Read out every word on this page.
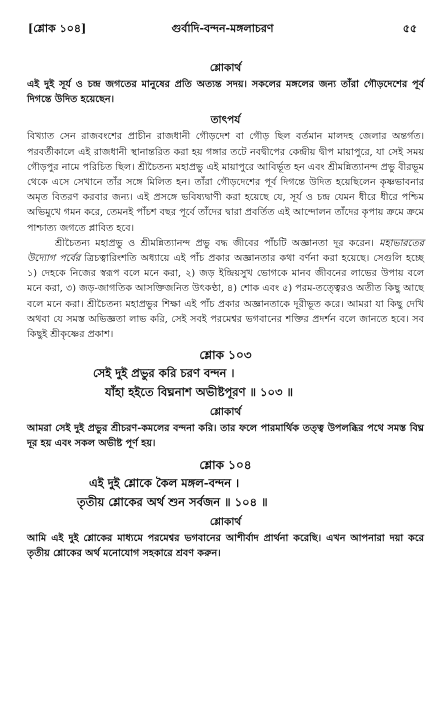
[শ্লোক ১০৪]	গুর্বাদি-বন্দন-মঙ্গলাচরণ	৫৫
শ্লোকার্থ

এই দুই সূর্য ও চন্দ্র জগতের মানুষের প্রতি অত্যন্ত সদয়। সকলের মঙ্গলের জন্য তাঁরা গৌড়দেশের পূর্ব দিগন্তে উদিত হয়েছেন।

তাৎপর্য

বিখ্যাত সেন রাজবংশের প্রাচীন রাজধানী গৌড়দেশ বা গৌড় ছিল বর্তমান মালদহ জেলার অন্তর্গত। পরবর্তীকালে এই রাজধানী স্থানান্তরিত করা হয় গঙ্গার তটে নবদ্বীপের কেন্দ্রীয় দ্বীপ মায়াপুরে, যা সেই সময় গৌড়পুর নামে পরিচিত ছিল। শ্রীচৈতন্য মহাপ্রভু এই মায়াপুরে আবির্ভূত হন এবং শ্রীমন্নিত্যানন্দ প্রভু বীরভূম থেকে এসে সেখানে তাঁর সঙ্গে মিলিত হন। তাঁরা গৌড়দেশের পূর্ব দিগন্তে উদিত হয়েছিলেন কৃষ্ণভাবনার অমৃত বিতরণ করবার জন্য। এই প্রসঙ্গে ভবিষ্যদ্বাণী করা হয়েছে যে, সূর্য ও চন্দ্র যেমন ধীরে ধীরে পশ্চিম অভিমুখে গমন করে, তেমনই পাঁচশ বছর পূর্বে তাঁদের দ্বারা প্রবর্তিত এই আন্দোলন তাঁদের কৃপায় ক্রমে ক্রমে পাশ্চাত্য জগতে প্লাবিত হবে।

শ্রীচৈতন্য মহাপ্রভু ও শ্রীমন্নিত্যানন্দ প্রভু বদ্ধ জীবের পাঁচটি অজ্ঞানতা দূর করেন। মহাভারতের উদ্যোগ পর্বের ত্রিচত্বারিংশতি অধ্যায়ে এই পাঁচ প্রকার অজ্ঞানতার কথা বর্ণনা করা হয়েছে। সেগুলি হচ্ছে ১) দেহকে নিজের স্বরূপ বলে মনে করা, ২) জড় ইন্দ্রিয়সুখ ভোগকে মানব জীবনের লাভের উপায় বলে মনে করা, ৩) জড়-জাগতিক আসক্তিজনিত উৎকণ্ঠা, ৪) শোক এবং ৫) পরম-তত্ত্বেরও অতীত কিছু আছে বলে মনে করা। শ্রীচৈতন্য মহাপ্রভুর শিক্ষা এই পাঁচ প্রকার অজ্ঞানতাকে দূরীভূত করে। আমরা যা কিছু দেখি অথবা যে সমস্ত অভিজ্ঞতা লাভ করি, সেই সবই পরমেশ্বর ভগবানের শক্তির প্রদর্শন বলে জানতে হবে। সব কিছুই শ্রীকৃষ্ণের প্রকাশ।

শ্লোক ১০৩

সেই দুই প্রভুর করি চরণ বন্দন ।

যাঁহা হইতে বিঘ্ননাশ অভীষ্টপূরণ ॥ ১০৩ ॥

শ্লোকার্থ

আমরা সেই দুই প্রভুর শ্রীচরণ-কমলের বন্দনা করি। তার ফলে পারমার্থিক তত্ত্ব উপলব্ধির পথে সমস্ত বিঘ্ন দূর হয় এবং সকল অভীষ্ট পূর্ণ হয়।

শ্লোক ১০৪

এই দুই শ্লোকে কৈল মঙ্গল-বন্দন ।

তৃতীয় শ্লোকের অর্থ শুন সর্বজন ॥ ১০৪ ॥

শ্লোকার্থ

আমি এই দুই শ্লোকের মাধ্যমে পরমেশ্বর ভগবানের আশীর্বাদ প্রার্থনা করেছি। এখন আপনারা দয়া করে তৃতীয় শ্লোকের অর্থ মনোযোগ সহকারে শ্রবণ করুন।
